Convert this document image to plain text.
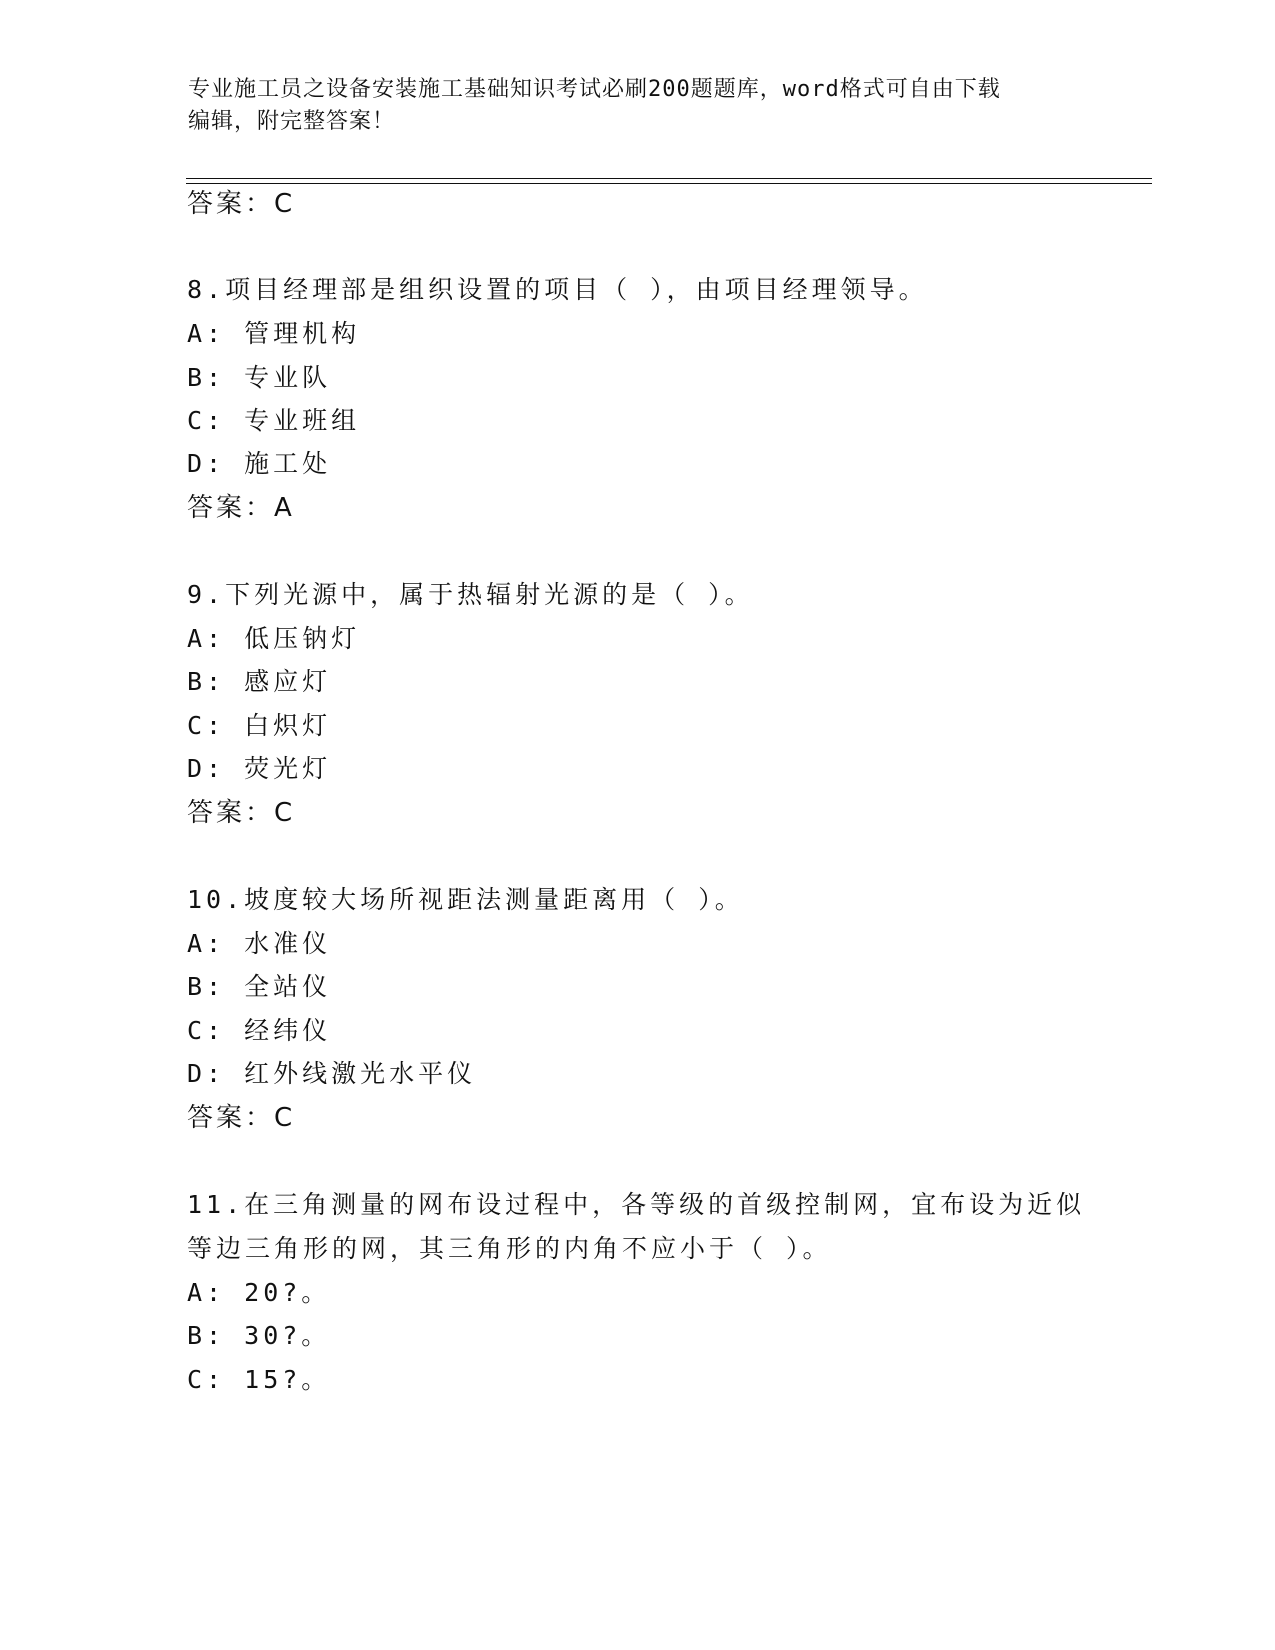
专业施工员之设备安装施工基础知识考试必刷200题题库，word格式可自由下载
编辑，附完整答案！
答案：C
8.项目经理部是组织设置的项目（ ），由项目经理领导。
A: 管理机构
B: 专业队
C: 专业班组
D: 施工处
答案：A
9.下列光源中，属于热辐射光源的是（ ）。
A: 低压钠灯
B: 感应灯
C: 白炽灯
D: 荧光灯
答案：C
10.坡度较大场所视距法测量距离用（ ）。
A: 水准仪
B: 全站仪
C: 经纬仪
D: 红外线激光水平仪
答案：C
11.在三角测量的网布设过程中，各等级的首级控制网，宜布设为近似
等边三角形的网，其三角形的内角不应小于（ ）。
A: 20?。
B: 30?。
C: 15?。
